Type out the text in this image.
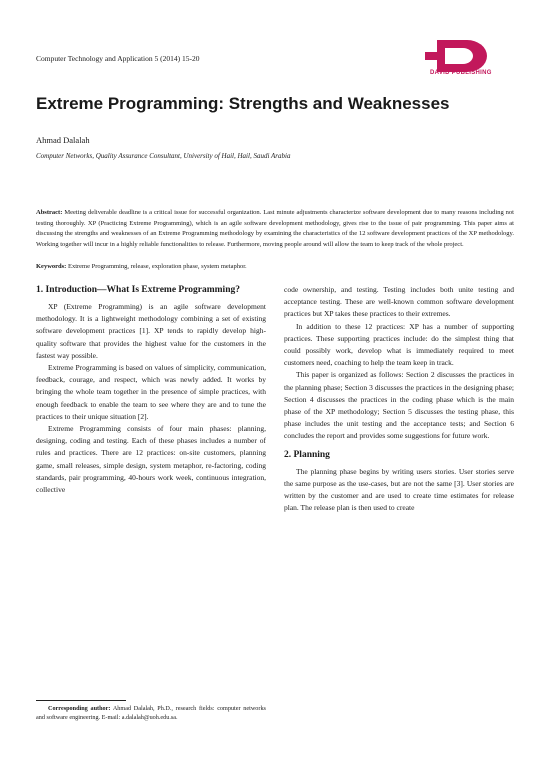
Computer Technology and Application 5 (2014) 15-20
DAVID PUBLISHING
Extreme Programming: Strengths and Weaknesses
Ahmad Dalalah
Computer Networks, Quality Assurance Consultant, University of Hail, Hail, Saudi Arabia
Abstract: Meeting deliverable deadline is a critical issue for successful organization. Last minute adjustments characterize software development due to many reasons including not testing thoroughly. XP (Practicing Extreme Programming), which is an agile software development methodology, gives rise to the issue of pair programming. This paper aims at discussing the strengths and weaknesses of an Extreme Programming methodology by examining the characteristics of the 12 software development practices of the XP methodology. Working together will incur in a highly reliable functionalities to release. Furthermore, moving people around will allow the team to keep track of the whole project.
Keywords: Extreme Programming, release, exploration phase, system metaphor.
1. Introduction—What Is Extreme Programming?

XP (Extreme Programming) is an agile software development methodology. It is a lightweight methodology combining a set of existing software development practices [1]. XP tends to rapidly develop high-quality software that provides the highest value for the customers in the fastest way possible.

Extreme Programming is based on values of simplicity, communication, feedback, courage, and respect, which was newly added. It works by bringing the whole team together in the presence of simple practices, with enough feedback to enable the team to see where they are and to tune the practices to their unique situation [2].

Extreme Programming consists of four main phases: planning, designing, coding and testing. Each of these phases includes a number of rules and practices. There are 12 practices: on-site customers, planning game, small releases, simple design, system metaphor, re-factoring, coding standards, pair programming, 40-hours work week, continuous integration, collective

code ownership, and testing. Testing includes both unite testing and acceptance testing. These are well-known common software development practices but XP takes these practices to their extremes.

In addition to these 12 practices: XP has a number of supporting practices. These supporting practices include: do the simplest thing that could possibly work, develop what is immediately required to meet customers need, coaching to help the team keep in track.

This paper is organized as follows: Section 2 discusses the practices in the planning phase; Section 3 discusses the practices in the designing phase; Section 4 discusses the practices in the coding phase which is the main phase of the XP methodology; Section 5 discusses the testing phase, this phase includes the unit testing and the acceptance tests; and Section 6 concludes the report and provides some suggestions for future work.

2. Planning

The planning phase begins by writing users stories. User stories serve the same purpose as the use-cases, but are not the same [3]. User stories are written by the customer and are used to create time estimates for release plan. The release plan is then used to create

Corresponding author: Ahmad Dalalah, Ph.D., research fields: computer networks and software engineering. E-mail: a.dalalah@uoh.edu.sa.
